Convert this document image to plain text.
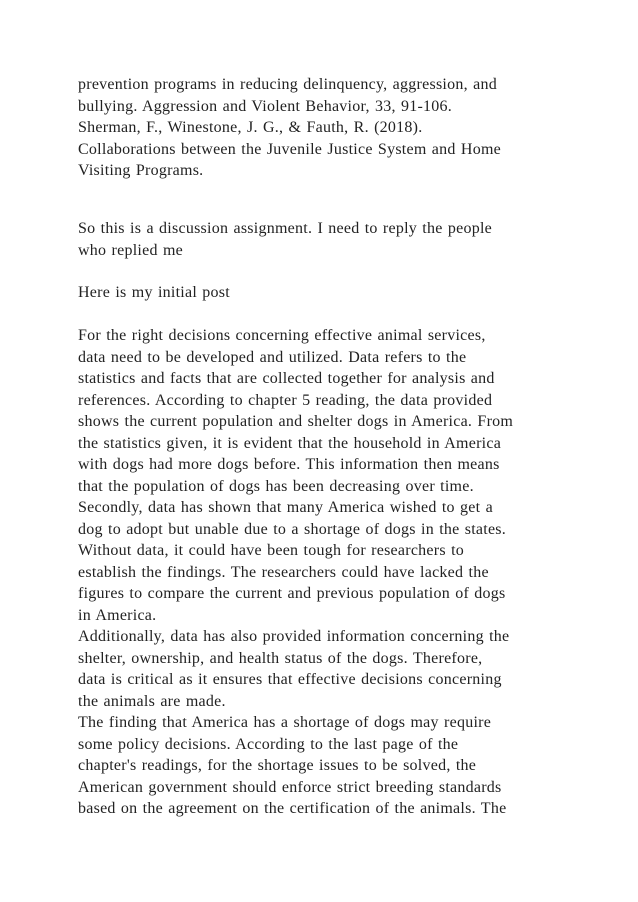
prevention programs in reducing delinquency, aggression, and
bullying. Aggression and Violent Behavior, 33, 91-106.
Sherman, F., Winestone, J. G., & Fauth, R. (2018).
Collaborations between the Juvenile Justice System and Home
Visiting Programs.
So this is a discussion assignment. I need to reply the people
who replied me
Here is my initial post
For the right decisions concerning effective animal services,
data need to be developed and utilized. Data refers to the
statistics and facts that are collected together for analysis and
references. According to chapter 5 reading, the data provided
shows the current population and shelter dogs in America. From
the statistics given, it is evident that the household in America
with dogs had more dogs before. This information then means
that the population of dogs has been decreasing over time.
Secondly, data has shown that many America wished to get a
dog to adopt but unable due to a shortage of dogs in the states.
Without data, it could have been tough for researchers to
establish the findings. The researchers could have lacked the
figures to compare the current and previous population of dogs
in America.
Additionally, data has also provided information concerning the
shelter, ownership, and health status of the dogs. Therefore,
data is critical as it ensures that effective decisions concerning
the animals are made.
The finding that America has a shortage of dogs may require
some policy decisions. According to the last page of the
chapter's readings, for the shortage issues to be solved, the
American government should enforce strict breeding standards
based on the agreement on the certification of the animals. The
